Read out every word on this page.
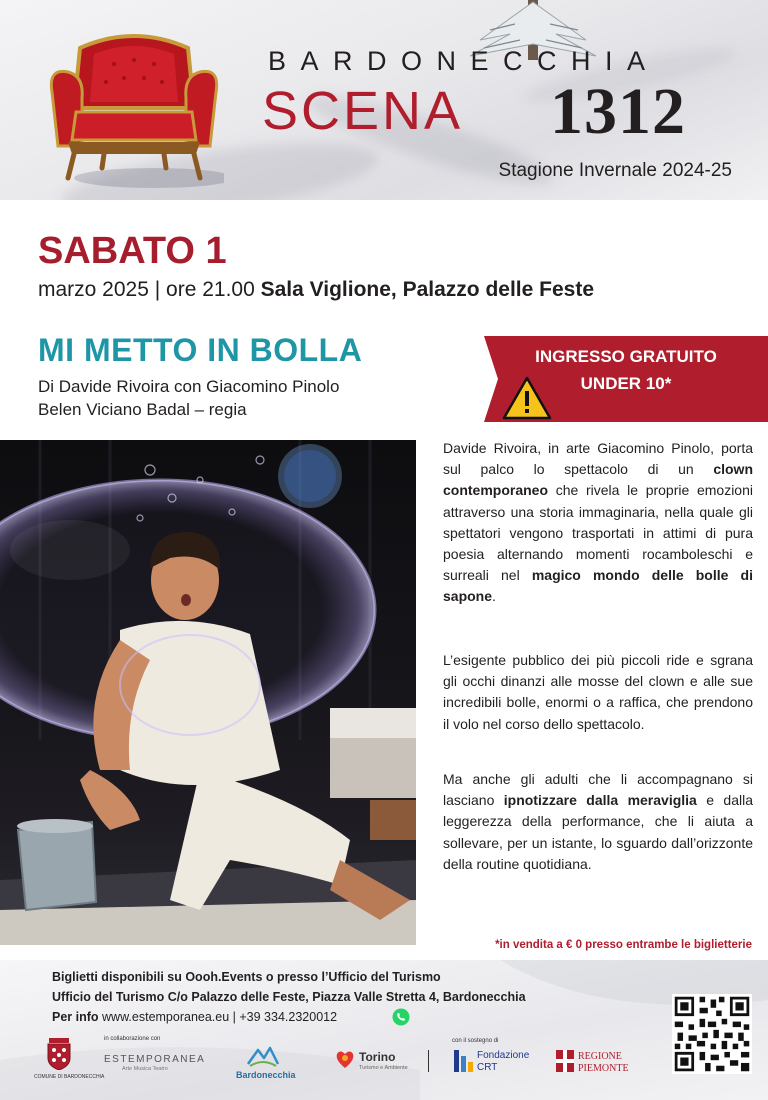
BARDONECCHIA
SCENA 1312
Stagione Invernale 2024-25
SABATO 1
marzo 2025 | ore 21.00 Sala Viglione, Palazzo delle Feste
MI METTO IN BOLLA
Di Davide Rivoira con Giacomino Pinolo
Belen Viciano Badal – regia
INGRESSO GRATUITO
UNDER 10*
Davide Rivoira, in arte Giacomino Pinolo, porta sul palco lo spettacolo di un clown contemporaneo che rivela le proprie emozioni attraverso una storia immaginaria, nella quale gli spettatori vengono trasportati in attimi di pura poesia alternando momenti rocamboleschi e surreali nel magico mondo delle bolle di sapone.
L’esigente pubblico dei più piccoli ride e sgrana gli occhi dinanzi alle mosse del clown e alle sue incredibili bolle, enormi o a raffica, che prendono il volo nel corso dello spettacolo.
Ma anche gli adulti che li accompagnano si lasciano ipnotizzare dalla meraviglia e dalla leggerezza della performance, che li aiuta a sollevare, per un istante, lo sguardo dall’orizzonte della routine quotidiana.
*in vendita a € 0 presso entrambe le biglietterie
Biglietti disponibili su Oooh.Events o presso l’Ufficio del Turismo
Ufficio del Turismo C/o Palazzo delle Feste, Piazza Valle Stretta 4, Bardonecchia
Per info www.estemporanea.eu | +39 334.2320012
in collaborazione con	con il sostegno di
COMUNE DI BARDONECCHIA
ESTEMPORANEA
Arte Musica Teatro
Bardonecchia
Torino
Turismo e Ambiente
Fondazione
CRT
REGIONE
PIEMONTE
